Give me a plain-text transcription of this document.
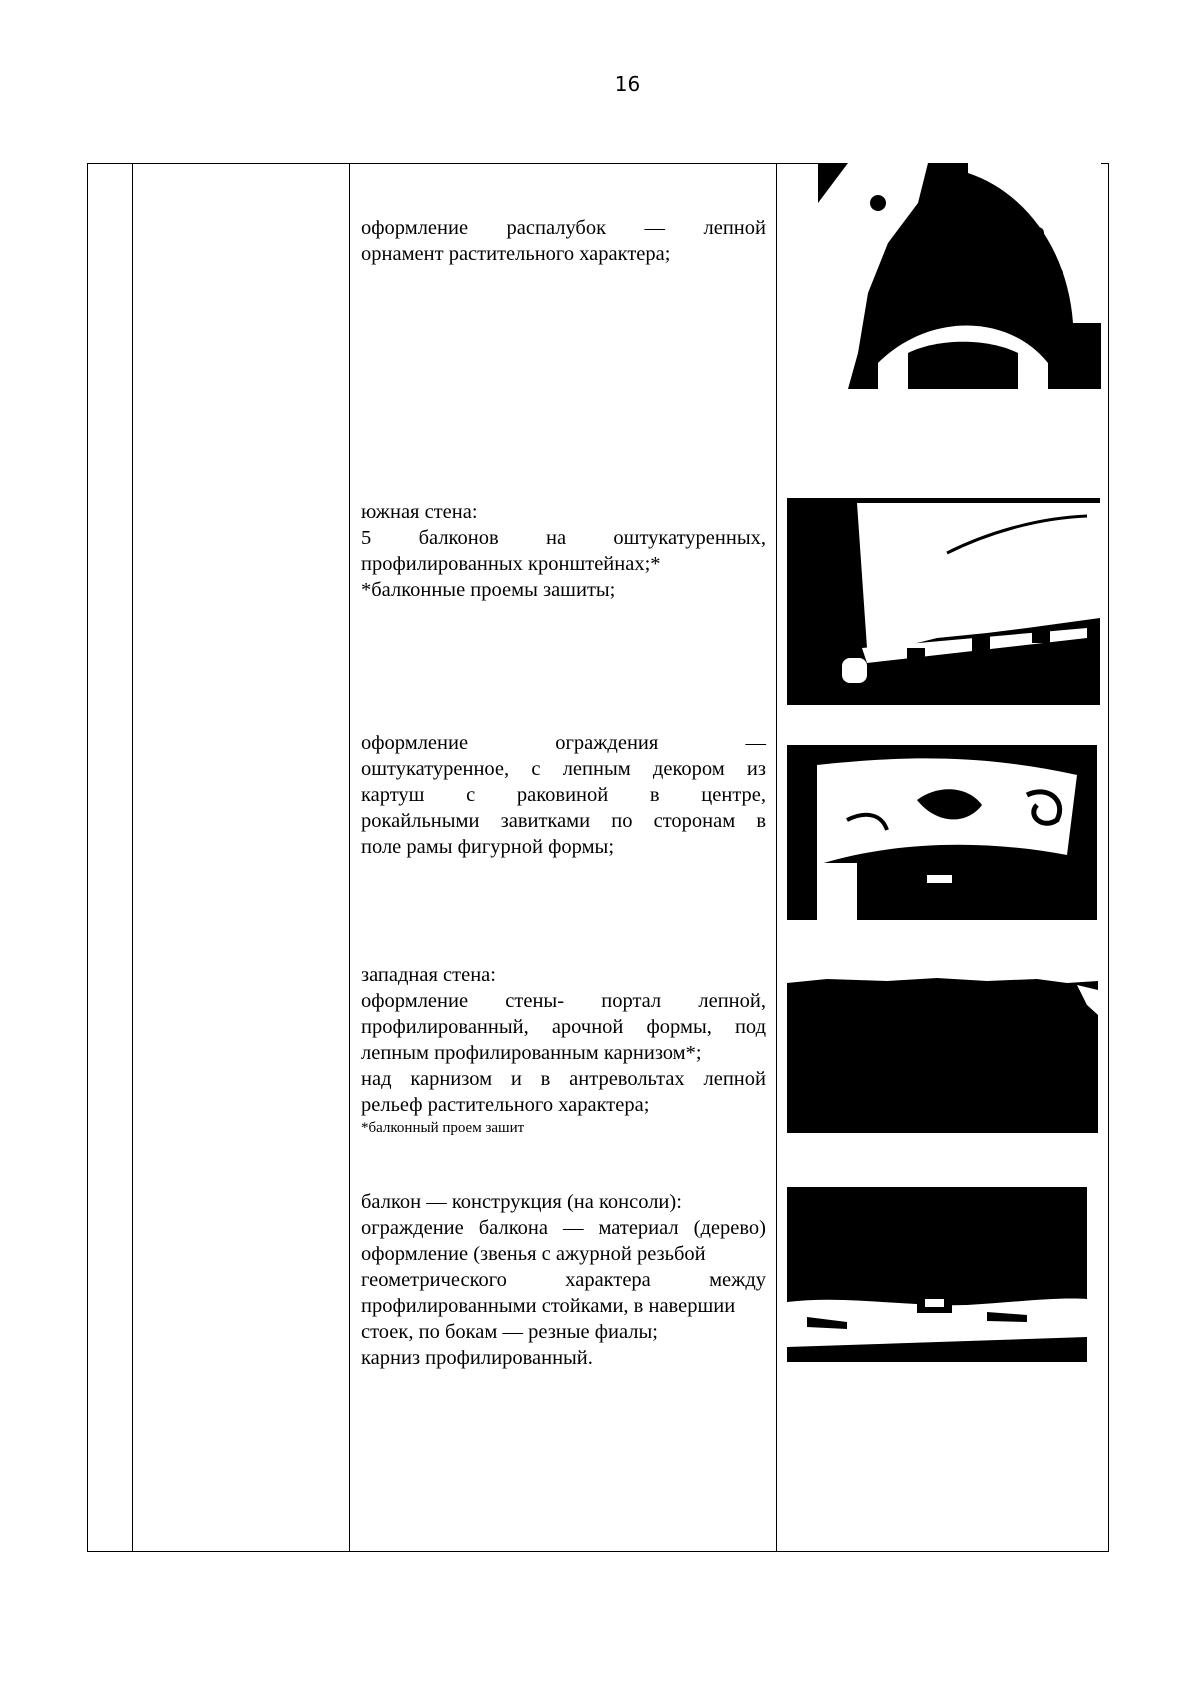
16

оформление распалубок — лепной

орнамент растительного характера;

южная стена:

5 балконов на оштукатуренных,

профилированных кронштейнах;*

*балконные проемы зашиты;

оформление ограждения —

оштукатуренное, с лепным декором из

картуш с раковиной в центре,

рокайльными завитками по сторонам в

поле рамы фигурной формы;

западная стена:

оформление стены- портал лепной,

профилированный, арочной формы, под

лепным профилированным карнизом*;

над карнизом и в антревольтах лепной

рельеф растительного характера;

*балконный проем зашит

балкон — конструкция (на консоли):

ограждение балкона — материал (дерево)

оформление (звенья с ажурной резьбой

геометрического характера между

профилированными стойками, в навершии

стоек, по бокам — резные фиалы;

карниз профилированный.
